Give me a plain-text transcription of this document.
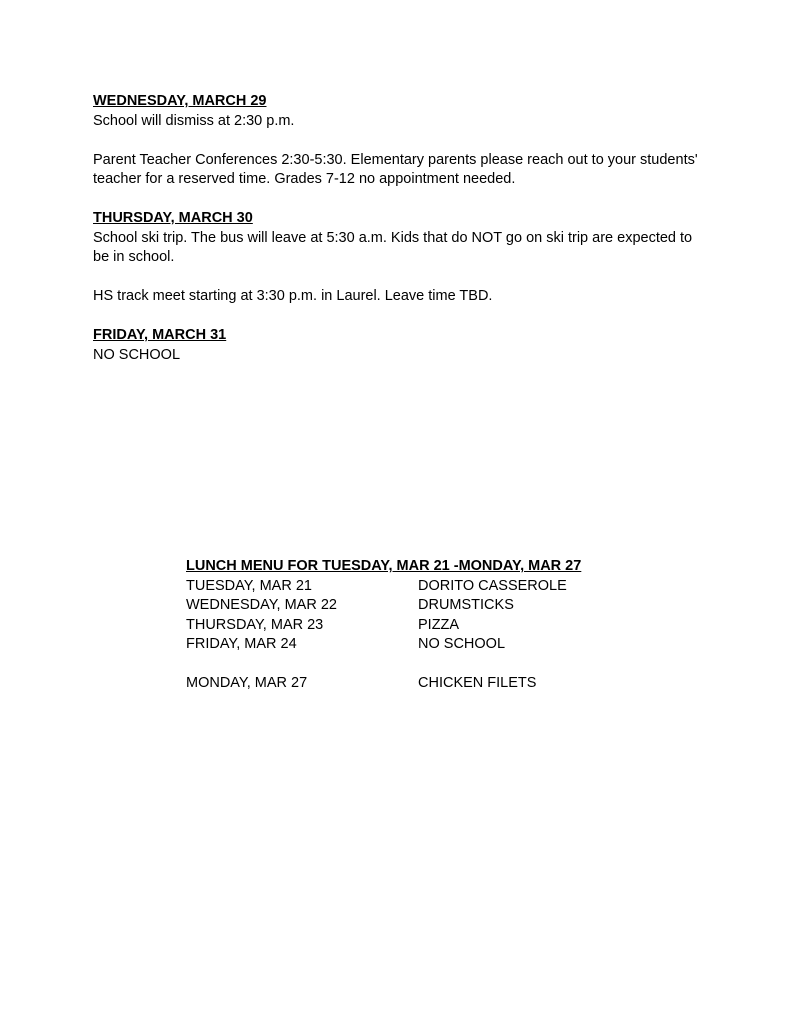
WEDNESDAY, MARCH 29
School will dismiss at 2:30 p.m.
Parent Teacher Conferences 2:30-5:30. Elementary parents please reach out to your students' teacher for a reserved time. Grades 7-12 no appointment needed.
THURSDAY, MARCH 30
School ski trip. The bus will leave at 5:30 a.m. Kids that do NOT go on ski trip are expected to be in school.
HS track meet starting at 3:30 p.m. in Laurel. Leave time TBD.
FRIDAY, MARCH 31
NO SCHOOL
LUNCH MENU FOR TUESDAY, MAR 21 -MONDAY, MAR 27
TUESDAY, MAR 21	DORITO CASSEROLE
WEDNESDAY, MAR 22	DRUMSTICKS
THURSDAY, MAR 23	PIZZA
FRIDAY, MAR 24	NO SCHOOL
MONDAY, MAR 27	CHICKEN FILETS
